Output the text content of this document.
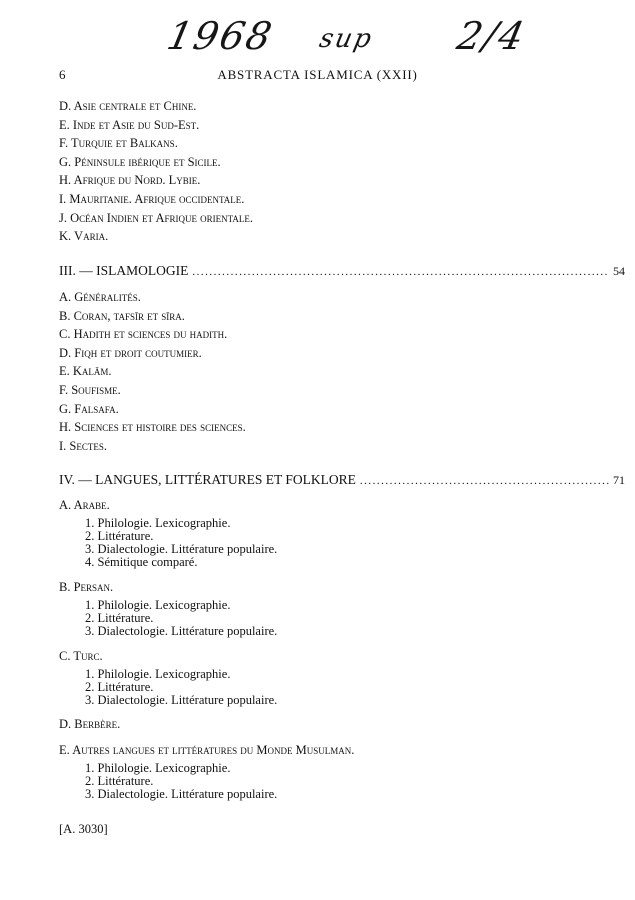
1968 sup 2/4
6	ABSTRACTA ISLAMICA (XXII)
D. Asie centrale et Chine.
E. Inde et Asie du Sud-Est.
F. Turquie et Balkans.
G. Péninsule ibérique et Sicile.
H. Afrique du Nord. Lybie.
I. Mauritanie. Afrique occidentale.
J. Océan Indien et Afrique orientale.
K. Varia.
III. — ISLAMOLOGIE .....	54
A. Généralités.
B. Coran, tafsīr et sīra.
C. Hadith et sciences du hadith.
D. Fiqh et droit coutumier.
E. Kalām.
F. Soufisme.
G. Falsafa.
H. Sciences et histoire des sciences.
I. Sectes.
IV. — LANGUES, LITTÉRATURES ET FOLKLORE .....	71
A. Arabe.
1. Philologie. Lexicographie.
2. Littérature.
3. Dialectologie. Littérature populaire.
4. Sémitique comparé.
B. Persan.
1. Philologie. Lexicographie.
2. Littérature.
3. Dialectologie. Littérature populaire.
C. Turc.
1. Philologie. Lexicographie.
2. Littérature.
3. Dialectologie. Littérature populaire.
D. Berbère.
E. Autres langues et littératures du Monde Musulman.
1. Philologie. Lexicographie.
2. Littérature.
3. Dialectologie. Littérature populaire.
[A. 3030]
